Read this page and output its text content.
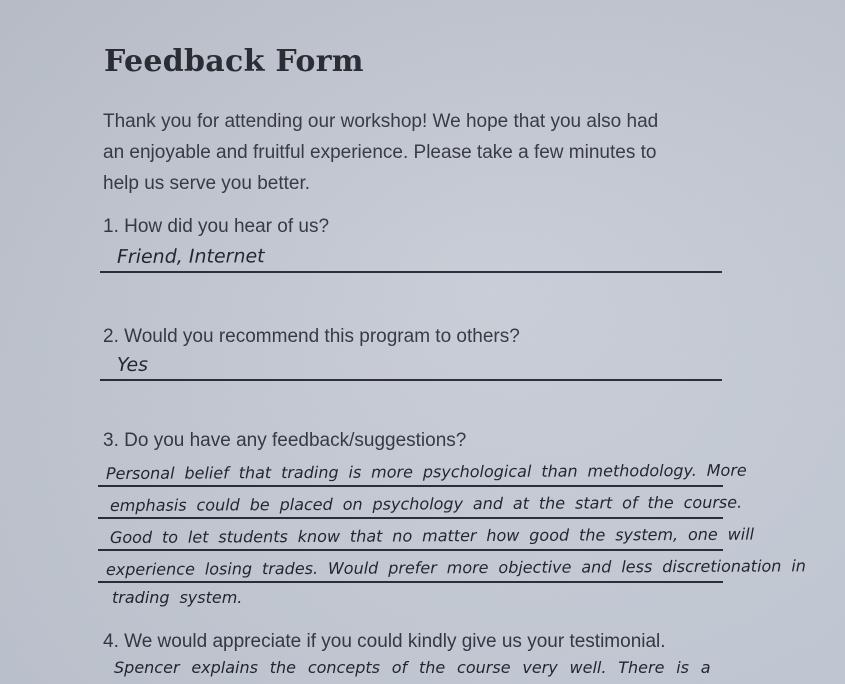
Feedback Form
Thank you for attending our workshop! We hope that you also had
an enjoyable and fruitful experience. Please take a few minutes to
help us serve you better.
1. How did you hear of us?
Friend, Internet
2. Would you recommend this program to others?
Yes
3. Do you have any feedback/suggestions?
Personal belief that trading is more psychological than methodology. More
emphasis could be placed on psychology and at the start of the course.
Good to let students know that no matter how good the system, one will
experience losing trades. Would prefer more objective and less discretionation in
trading system.
4. We would appreciate if you could kindly give us your testimonial.
Spencer explains the concepts of the course very well. There is a
